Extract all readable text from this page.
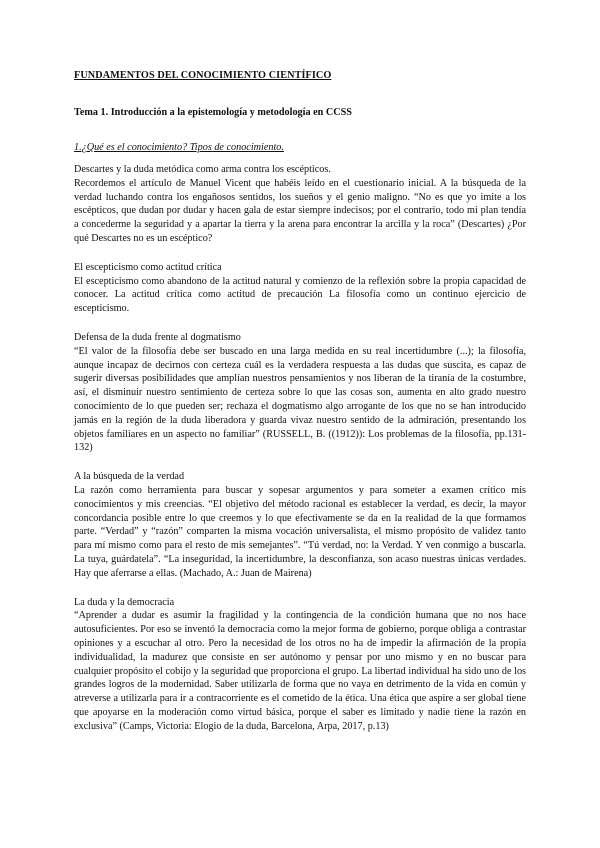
FUNDAMENTOS DEL CONOCIMIENTO CIENTÍFICO

Tema 1. Introducción a la epistemología y metodología en CCSS

1.¿Qué es el conocimiento? Tipos de conocimiento.

Descartes y la duda metódica como arma contra los escépticos.

Recordemos el artículo de Manuel Vicent que habéis leído en el cuestionario inicial. A la búsqueda de la verdad luchando contra los engañosos sentidos, los sueños y el genio maligno. “No es que yo imite a los escépticos, que dudan por dudar y hacen gala de estar siempre indecisos; por el contrario, todo mi plan tendía a concederme la seguridad y a apartar la tierra y la arena para encontrar la arcilla y la roca” (Descartes) ¿Por qué Descartes no es un escéptico?

El escepticismo como actitud crítica

El escepticismo como abandono de la actitud natural y comienzo de la reflexión sobre la propia capacidad de conocer. La actitud crítica como actitud de precaución La filosofía como un continuo ejercicio de escepticismo.

Defensa de la duda frente al dogmatismo

“El valor de la filosofía debe ser buscado en una larga medida en su real incertidumbre (...); la filosofía, aunque incapaz de decirnos con certeza cuál es la verdadera respuesta a las dudas que suscita, es capaz de sugerir diversas posibilidades que amplían nuestros pensamientos y nos liberan de la tiranía de la costumbre, así, el disminuir nuestro sentimiento de certeza sobre lo que las cosas son, aumenta en alto grado nuestro conocimiento de lo que pueden ser; rechaza el dogmatismo algo arrogante de los que no se han introducido jamás en la región de la duda liberadora y guarda vivaz nuestro sentido de la admiración, presentando los objetos familiares en un aspecto no familiar” (RUSSELL, B. ((1912)): Los problemas de la filosofía, pp.131-132)

A la búsqueda de la verdad

La razón como herramienta para buscar y sopesar argumentos y para someter a examen crítico mis conocimientos y mis creencias. “El objetivo del método racional es establecer la verdad, es decir, la mayor concordancia posible entre lo que creemos y lo que efectivamente se da en la realidad de la que formamos parte. “Verdad” y “razón” comparten la misma vocación universalista, el mismo propósito de validez tanto para mí mismo como para el resto de mis semejantes”. “Tú verdad, no: la Verdad. Y ven conmigo a buscarla. La tuya, guárdatela”. “La inseguridad, la incertidumbre, la desconfianza, son acaso nuestras únicas verdades. Hay que aferrarse a ellas. (Machado, A.: Juan de Mairena)

La duda y la democracia

“Aprender a dudar es asumir la fragilidad y la contingencia de la condición humana que no nos hace autosuficientes. Por eso se inventó la democracia como la mejor forma de gobierno, porque obliga a contrastar opiniones y a escuchar al otro. Pero la necesidad de los otros no ha de impedir la afirmación de la propia individualidad, la madurez que consiste en ser autónomo y pensar por uno mismo y en no buscar para cualquier propósito el cobijo y la seguridad que proporciona el grupo. La libertad individual ha sido uno de los grandes logros de la modernidad. Saber utilizarla de forma que no vaya en detrimento de la vida en común y atreverse a utilizarla para ir a contracorriente es el cometido de la ética. Una ética que aspire a ser global tiene que apoyarse en la moderación como virtud básica, porque el saber es limitado y nadie tiene la razón en exclusiva” (Camps, Victoria: Elogio de la duda, Barcelona, Arpa, 2017, p.13)
